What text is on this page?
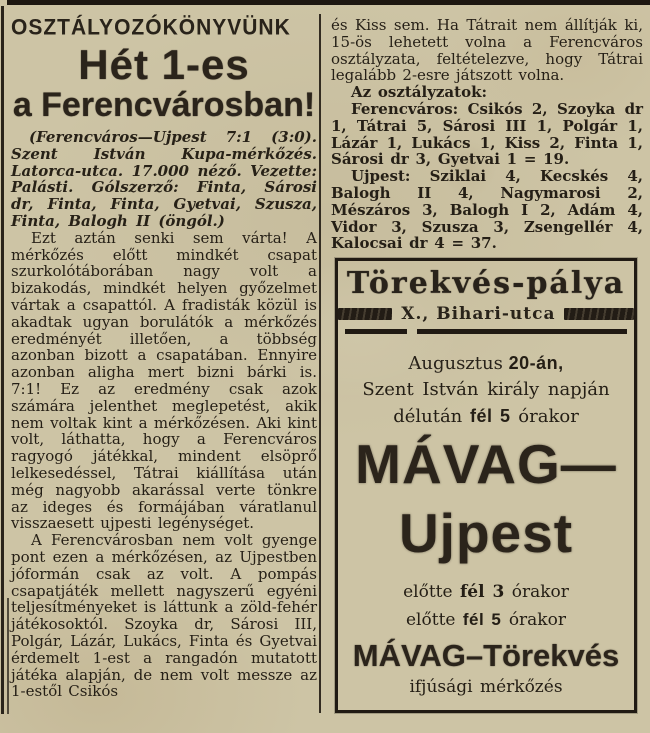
OSZTÁLYOZÓKÖNYVÜNK
Hét 1-es
a Ferencvárosban!

(Ferencváros—Ujpest 7:1 (3:0). Szent István Kupa-mérkőzés. Latorca-utca. 17.000 néző. Vezette: Palásti. Gólszerző: Finta, Sárosi dr, Finta, Finta, Gyetvai, Szusza, Finta, Balogh II (öngól.)

Ezt aztán senki sem várta! A mérkőzés előtt mindkét csapat szurkolótáborában nagy volt a bizakodás, mindkét helyen győzelmet vártak a csapattól. A fradisták közül is akadtak ugyan borulátók a mérkőzés eredményét illetően, a többség azonban bizott a csapatában. Ennyire azonban aligha mert bizni bárki is. 7:1! Ez az eredmény csak azok számára jelenthet meglepetést, akik nem voltak kint a mérkőzésen. Aki kint volt, láthatta, hogy a Ferencváros ragyogó játékkal, mindent elsöprő lelkesedéssel, Tátrai kiállítása után még nagyobb akarással verte tönkre az ideges és formájában váratlanul visszaesett ujpesti legénységet.

A Ferencvárosban nem volt gyenge pont ezen a mérkőzésen, az Ujpestben jóformán csak az volt. A pompás csapatjáték mellett nagyszerű egyéni teljesítményeket is láttunk a zöld-fehér játékosoktól. Szoyka dr, Sárosi III, Polgár, Lázár, Lukács, Finta és Gyetvai érdemelt 1-est a rangadón mutatott játéka alapján, de nem volt messze az 1-estől Csikós

és Kiss sem. Ha Tátrait nem állítják ki, 15-ös lehetett volna a Ferencváros osztályzata, feltételezve, hogy Tátrai legalább 2-esre játszott volna.

Az osztályzatok:

Ferencváros: Csikós 2, Szoyka dr 1, Tátrai 5, Sárosi III 1, Polgár 1, Lázár 1, Lukács 1, Kiss 2, Finta 1, Sárosi dr 3, Gyetvai 1 = 19.

Ujpest: Sziklai 4, Kecskés 4, Balogh II 4, Nagymarosi 2, Mészáros 3, Balogh I 2, Adám 4, Vidor 3, Szusza 3, Zsengellér 4, Kalocsai dr 4 = 37.

Törekvés-pálya
X., Bihari-utca
Augusztus 20-án,
Szent István király napján
délután fél 5 órakor
MÁVAG—
Ujpest
előtte fél 3 órakor
előtte fél 5 órakor
MÁVAG–Törekvés
ifjúsági mérkőzés
